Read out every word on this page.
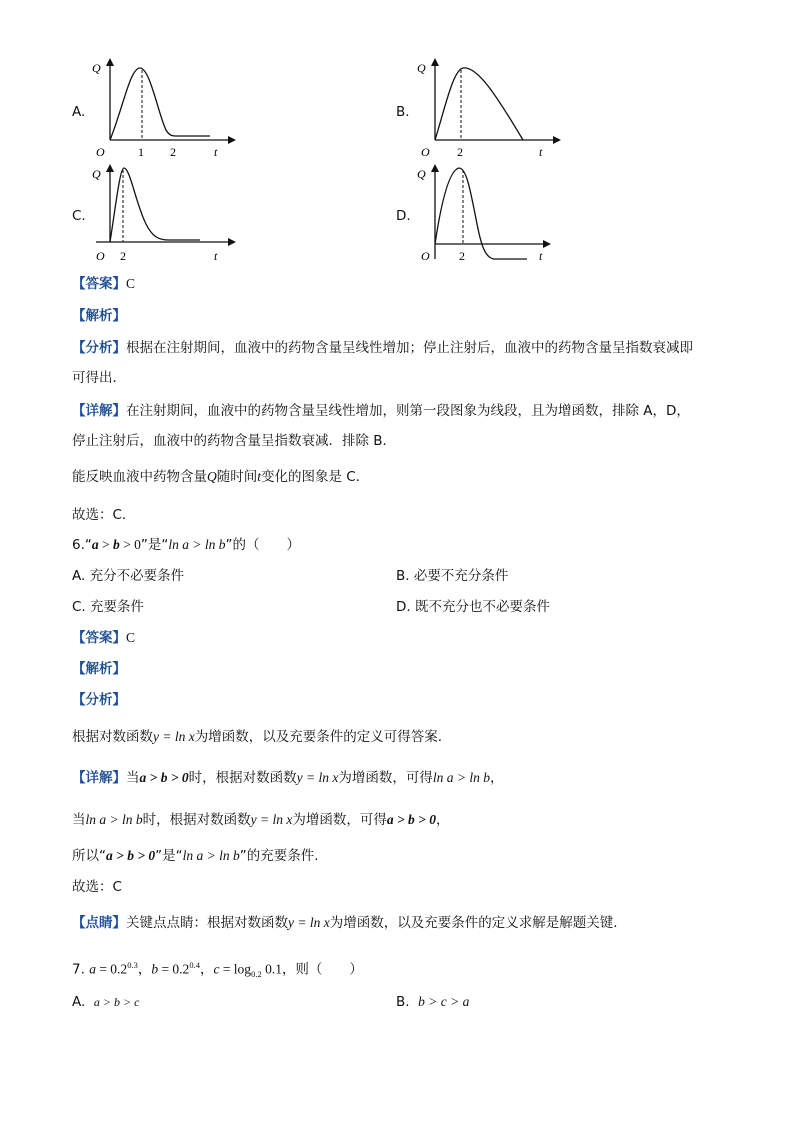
A.
Q
O	1 2	t
B.
Q
O 2	t
C.
Q
O 2	t
D.
Q
O 2	t
【答案】C
【解析】
【分析】根据在注射期间，血液中的药物含量呈线性增加；停止注射后，血液中的药物含量呈指数衰减即
可得出．
【详解】在注射期间，血液中的药物含量呈线性增加，则第一段图象为线段，且为增函数，排除 A，D，
停止注射后，血液中的药物含量呈指数衰减．排除 B．
能反映血液中药物含量Q随时间t变化的图象是 C．
故选：C．
6.“a > b > 0”是“ln a > ln b”的（　　）
A. 充分不必要条件	B. 必要不充分条件
C. 充要条件	D. 既不充分也不必要条件
【答案】C
【解析】
【分析】
根据对数函数y = ln x为增函数，以及充要条件的定义可得答案.
【详解】当a > b > 0时，根据对数函数y = ln x为增函数，可得ln a > ln b，
当ln a > ln b时，根据对数函数y = ln x为增函数，可得a > b > 0，
所以“a > b > 0”是“ln a > ln b”的充要条件.
故选：C
【点睛】关键点点睛：根据对数函数y = ln x为增函数，以及充要条件的定义求解是解题关键.
7. $a = 0.2^{0.3}$，$b = 0.2^{0.4}$，$c = \log_{0.2} 0.1$，则（　　）
A. a > b > c	B. b > c > a
